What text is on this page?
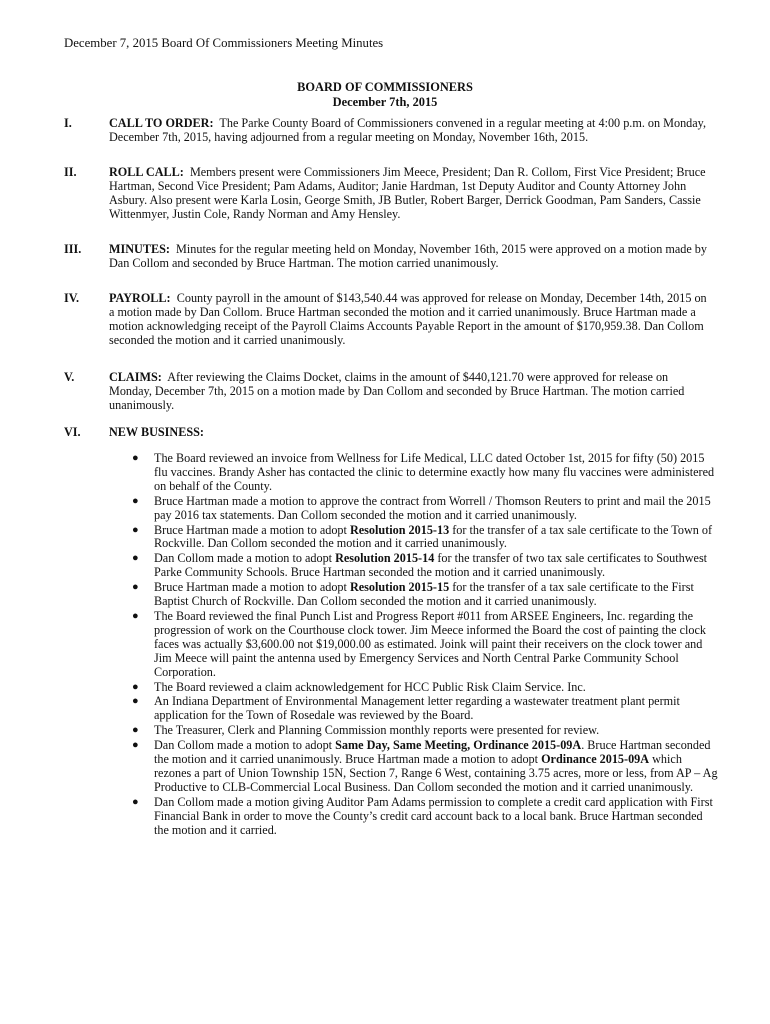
December 7, 2015 Board Of Commissioners Meeting Minutes
BOARD OF COMMISSIONERS
December 7th, 2015
I.	CALL TO ORDER: The Parke County Board of Commissioners convened in a regular meeting at 4:00 p.m. on Monday, December 7th, 2015, having adjourned from a regular meeting on Monday, November 16th, 2015.
II.	ROLL CALL: Members present were Commissioners Jim Meece, President; Dan R. Collom, First Vice President; Bruce Hartman, Second Vice President; Pam Adams, Auditor; Janie Hardman, 1st Deputy Auditor and County Attorney John Asbury. Also present were Karla Losin, George Smith, JB Butler, Robert Barger, Derrick Goodman, Pam Sanders, Cassie Wittenmyer, Justin Cole, Randy Norman and Amy Hensley.
III. MINUTES: Minutes for the regular meeting held on Monday, November 16th, 2015 were approved on a motion made by Dan Collom and seconded by Bruce Hartman. The motion carried unanimously.
IV. PAYROLL: County payroll in the amount of $143,540.44 was approved for release on Monday, December 14th, 2015 on a motion made by Dan Collom. Bruce Hartman seconded the motion and it carried unanimously. Bruce Hartman made a motion acknowledging receipt of the Payroll Claims Accounts Payable Report in the amount of $170,959.38. Dan Collom seconded the motion and it carried unanimously.
V.	CLAIMS: After reviewing the Claims Docket, claims in the amount of $440,121.70 were approved for release on Monday, December 7th, 2015 on a motion made by Dan Collom and seconded by Bruce Hartman. The motion carried unanimously.
VI. NEW BUSINESS:
● The Board reviewed an invoice from Wellness for Life Medical, LLC dated October 1st, 2015 for fifty (50) 2015 flu vaccines. Brandy Asher has contacted the clinic to determine exactly how many flu vaccines were administered on behalf of the County.
● Bruce Hartman made a motion to approve the contract from Worrell / Thomson Reuters to print and mail the 2015 pay 2016 tax statements. Dan Collom seconded the motion and it carried unanimously.
● Bruce Hartman made a motion to adopt Resolution 2015-13 for the transfer of a tax sale certificate to the Town of Rockville. Dan Collom seconded the motion and it carried unanimously.
● Dan Collom made a motion to adopt Resolution 2015-14 for the transfer of two tax sale certificates to Southwest Parke Community Schools. Bruce Hartman seconded the motion and it carried unanimously.
● Bruce Hartman made a motion to adopt Resolution 2015-15 for the transfer of a tax sale certificate to the First Baptist Church of Rockville. Dan Collom seconded the motion and it carried unanimously.
● The Board reviewed the final Punch List and Progress Report #011 from ARSEE Engineers, Inc. regarding the progression of work on the Courthouse clock tower. Jim Meece informed the Board the cost of painting the clock faces was actually $3,600.00 not $19,000.00 as estimated. Joink will paint their receivers on the clock tower and Jim Meece will paint the antenna used by Emergency Services and North Central Parke Community School Corporation.
● The Board reviewed a claim acknowledgement for HCC Public Risk Claim Service. Inc.
● An Indiana Department of Environmental Management letter regarding a wastewater treatment plant permit application for the Town of Rosedale was reviewed by the Board.
● The Treasurer, Clerk and Planning Commission monthly reports were presented for review.
● Dan Collom made a motion to adopt Same Day, Same Meeting, Ordinance 2015-09A. Bruce Hartman seconded the motion and it carried unanimously. Bruce Hartman made a motion to adopt Ordinance 2015-09A which rezones a part of Union Township 15N, Section 7, Range 6 West, containing 3.75 acres, more or less, from AP – Ag Productive to CLB-Commercial Local Business. Dan Collom seconded the motion and it carried unanimously.
● Dan Collom made a motion giving Auditor Pam Adams permission to complete a credit card application with First Financial Bank in order to move the County’s credit card account back to a local bank. Bruce Hartman seconded the motion and it carried.
